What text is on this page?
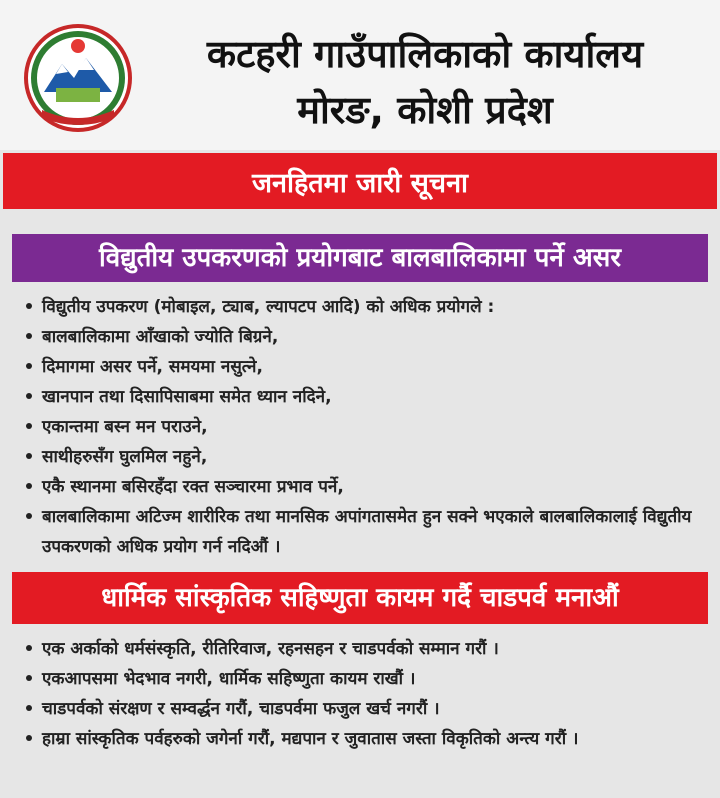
कटहरी गाउँपालिकाको कार्यालय
मोरङ, कोशी प्रदेश
जनहितमा जारी सूचना
विद्युतीय उपकरणको प्रयोगबाट बालबालिकामा पर्ने असर
विद्युतीय उपकरण (मोबाइल, ट्याब, ल्यापटप आदि) को अधिक प्रयोगले :
बालबालिकामा आँखाको ज्योति बिग्रने,
दिमागमा असर पर्ने, समयमा नसुत्ने,
खानपान तथा दिसापिसाबमा समेत ध्यान नदिने,
एकान्तमा बस्न मन पराउने,
साथीहरुसँग घुलमिल नहुने,
एकै स्थानमा बसिरहँदा रक्त सञ्चारमा प्रभाव पर्ने,
बालबालिकामा अटिज्म शारीरिक तथा मानसिक अपांगतासमेत हुन सक्ने भएकाले बालबालिकालाई विद्युतीय उपकरणको अधिक प्रयोग गर्न नदिऔं ।
धार्मिक सांस्कृतिक सहिष्णुता कायम गर्दै चाडपर्व मनाऔं
एक अर्काको धर्मसंस्कृति, रीतिरिवाज, रहनसहन र चाडपर्वको सम्मान गरौं ।
एकआपसमा भेदभाव नगरी, धार्मिक सहिष्णुता कायम राखौं ।
चाडपर्वको संरक्षण र सम्वर्द्धन गरौं, चाडपर्वमा फजुल खर्च नगरौं ।
हाम्रा सांस्कृतिक पर्वहरुको जगेर्ना गरौं, मद्यपान र जुवातास जस्ता विकृतिको अन्त्य गरौं ।
